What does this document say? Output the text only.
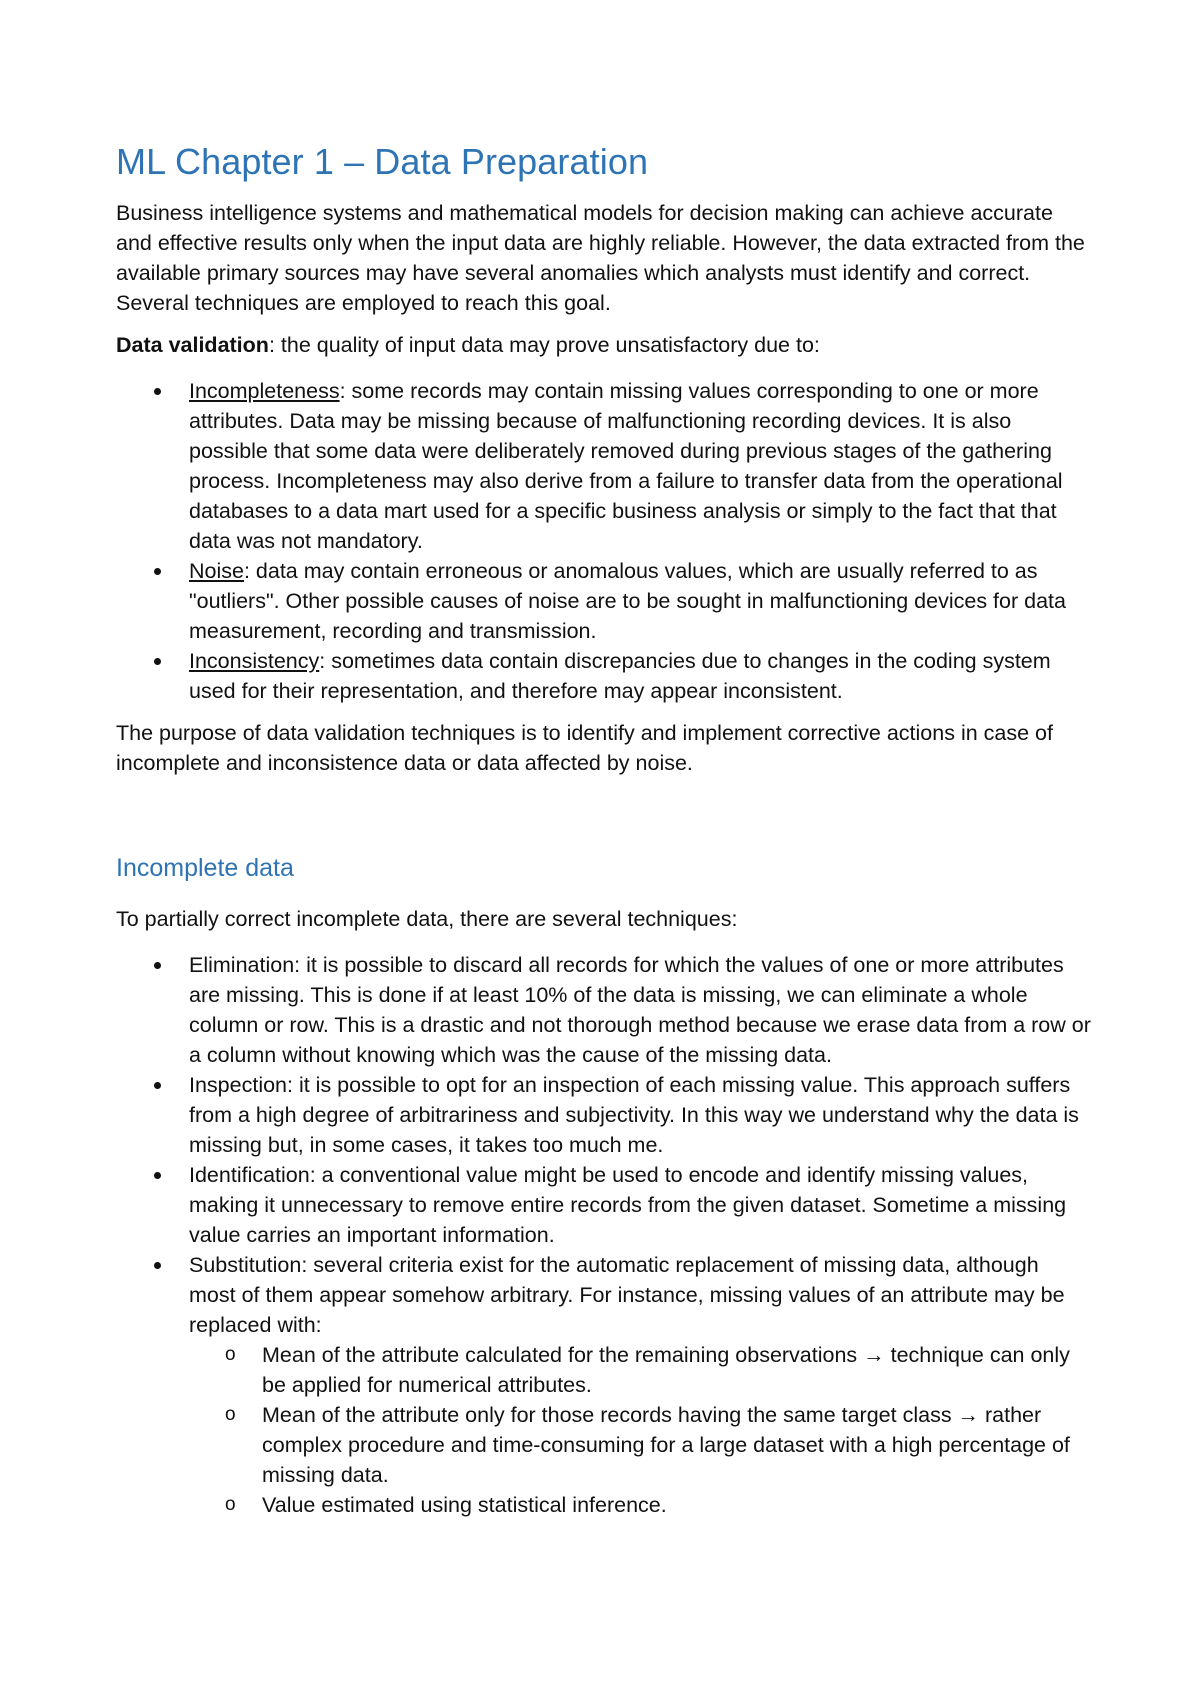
ML Chapter 1 – Data Preparation

Business intelligence systems and mathematical models for decision making can achieve accurate and effective results only when the input data are highly reliable. However, the data extracted from the available primary sources may have several anomalies which analysts must identify and correct. Several techniques are employed to reach this goal.

Data validation: the quality of input data may prove unsatisfactory due to:

Incompleteness: some records may contain missing values corresponding to one or more attributes. Data may be missing because of malfunctioning recording devices. It is also possible that some data were deliberately removed during previous stages of the gathering process. Incompleteness may also derive from a failure to transfer data from the operational databases to a data mart used for a specific business analysis or simply to the fact that that data was not mandatory.
Noise: data may contain erroneous or anomalous values, which are usually referred to as "outliers". Other possible causes of noise are to be sought in malfunctioning devices for data measurement, recording and transmission.
Inconsistency: sometimes data contain discrepancies due to changes in the coding system used for their representation, and therefore may appear inconsistent.

The purpose of data validation techniques is to identify and implement corrective actions in case of incomplete and inconsistence data or data affected by noise.

Incomplete data

To partially correct incomplete data, there are several techniques:

Elimination: it is possible to discard all records for which the values of one or more attributes are missing. This is done if at least 10% of the data is missing, we can eliminate a whole column or row. This is a drastic and not thorough method because we erase data from a row or a column without knowing which was the cause of the missing data.
Inspection: it is possible to opt for an inspection of each missing value. This approach suffers from a high degree of arbitrariness and subjectivity. In this way we understand why the data is missing but, in some cases, it takes too much me.
Identification: a conventional value might be used to encode and identify missing values, making it unnecessary to remove entire records from the given dataset. Sometime a missing value carries an important information.
Substitution: several criteria exist for the automatic replacement of missing data, although most of them appear somehow arbitrary. For instance, missing values of an attribute may be replaced with:
o Mean of the attribute calculated for the remaining observations → technique can only be applied for numerical attributes.
o Mean of the attribute only for those records having the same target class → rather complex procedure and time-consuming for a large dataset with a high percentage of missing data.
o Value estimated using statistical inference.
